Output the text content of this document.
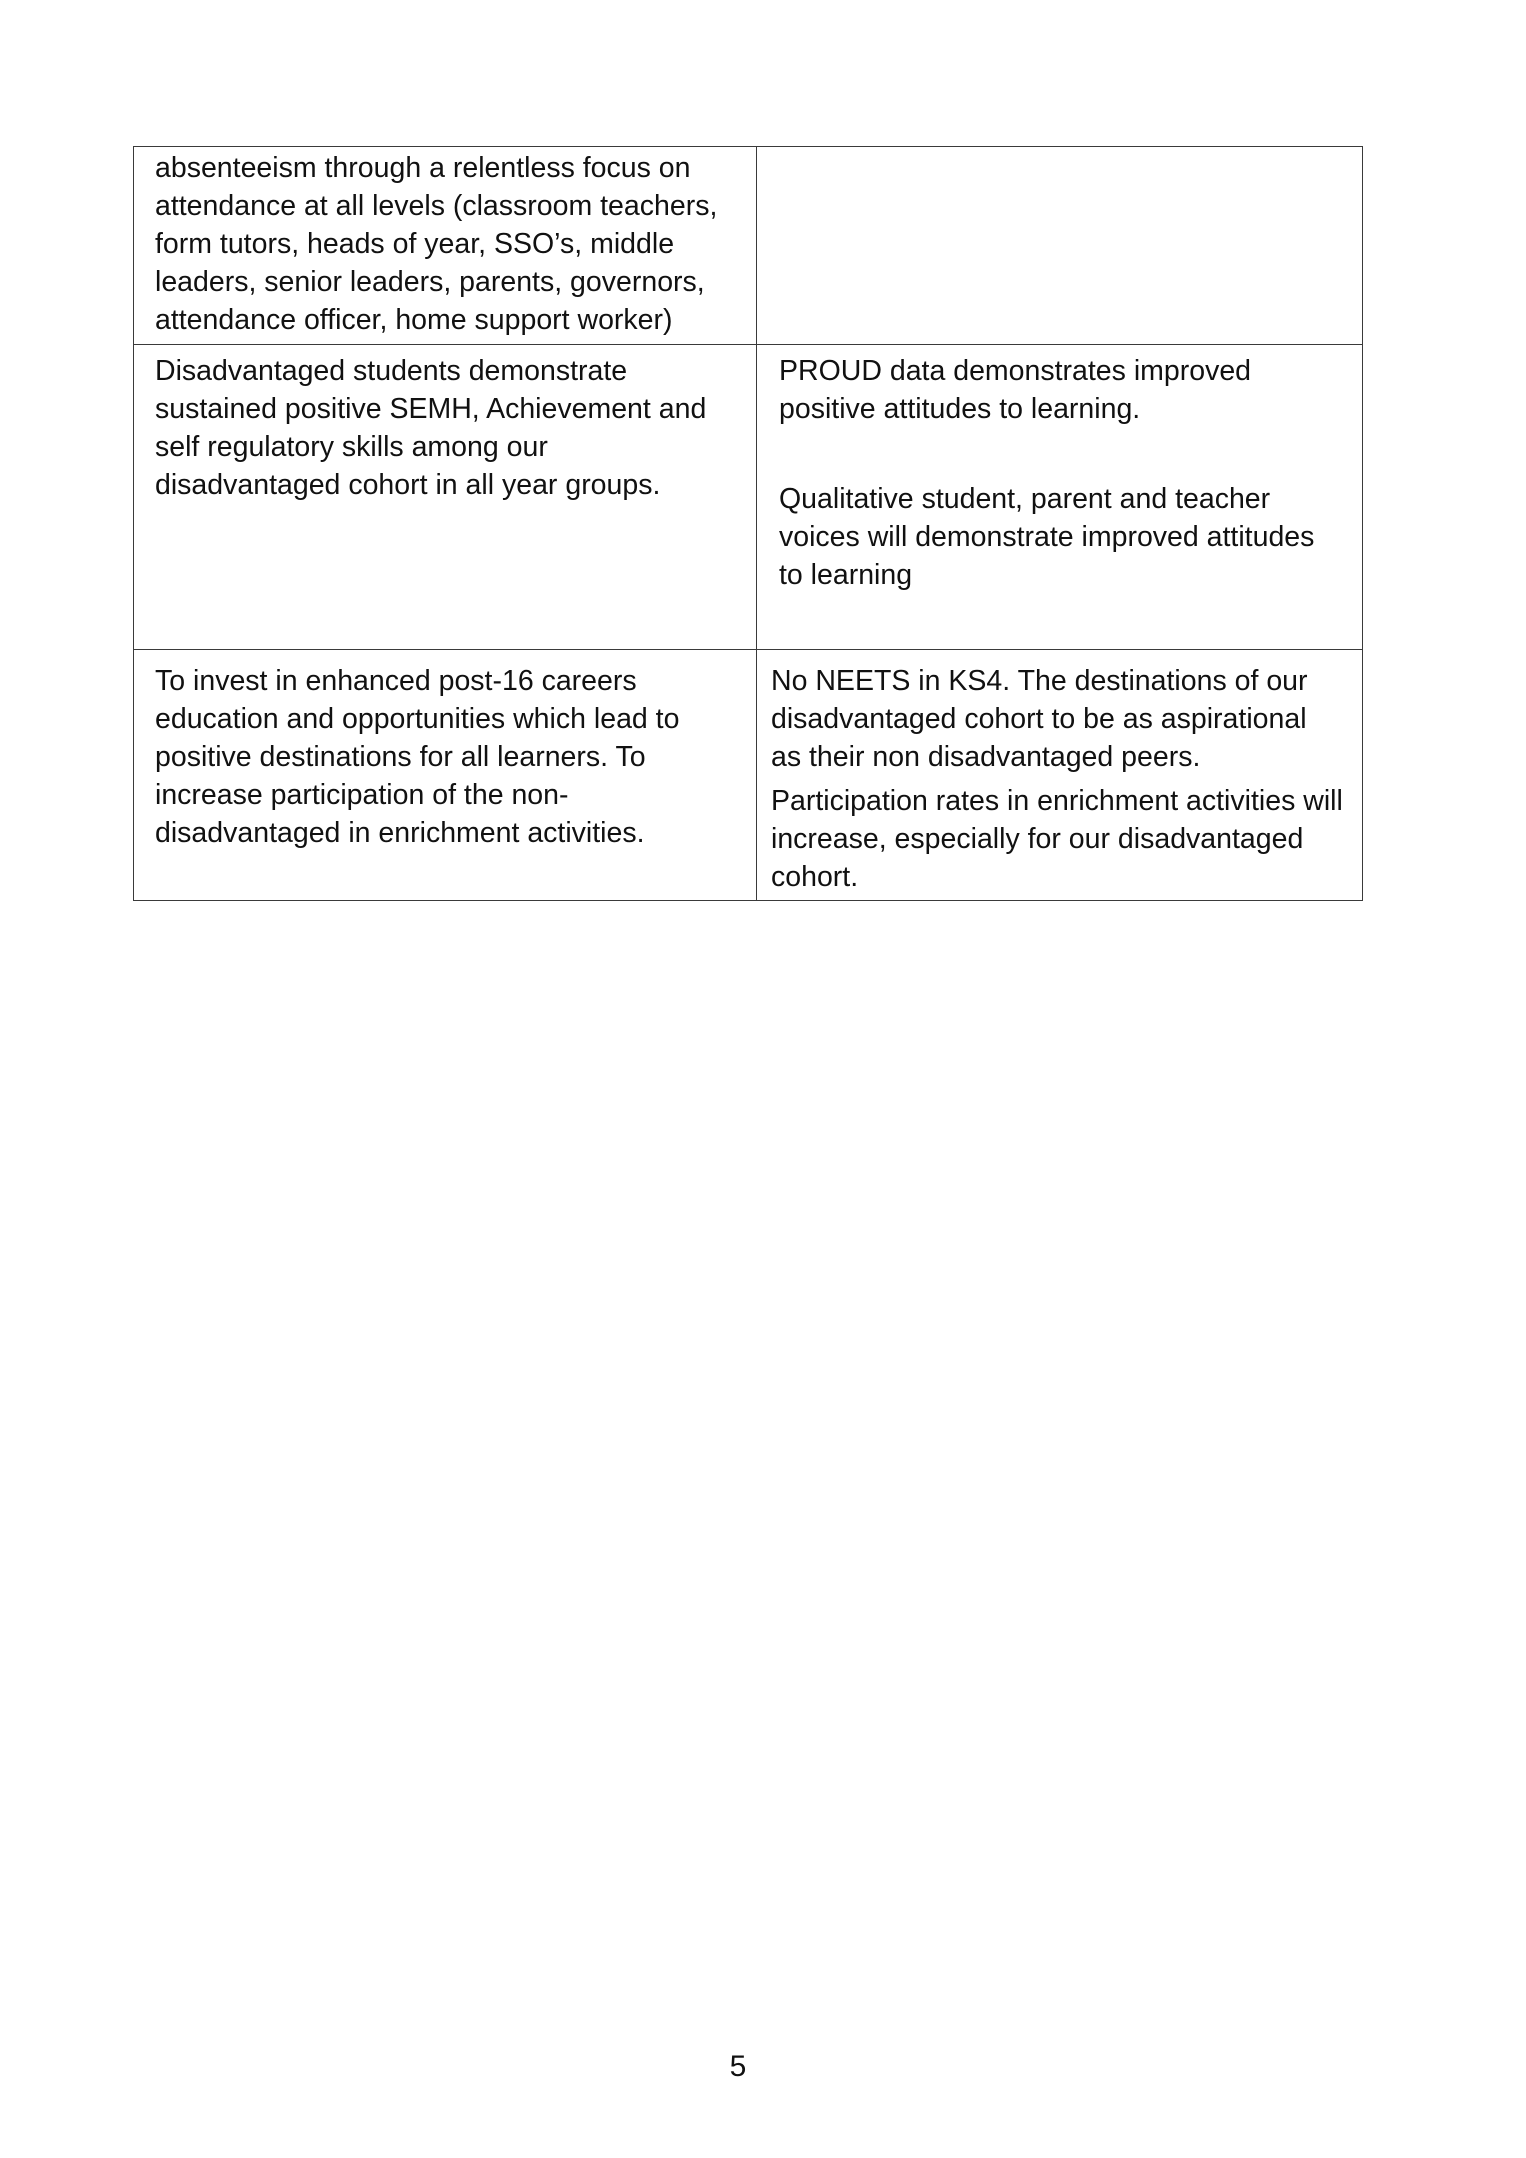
absenteeism through a relentless focus on attendance at all levels (classroom teachers, form tutors, heads of year, SSO’s, middle leaders, senior leaders, parents, governors, attendance officer, home support worker)	

Disadvantaged students demonstrate sustained positive SEMH, Achievement and self regulatory skills among our disadvantaged cohort in all year groups.	PROUD data demonstrates improved positive attitudes to learning.

Qualitative student, parent and teacher voices will demonstrate improved attitudes to learning

To invest in enhanced post-16 careers education and opportunities which lead to positive destinations for all learners. To increase participation of the non-disadvantaged in enrichment activities.	No NEETS in KS4. The destinations of our disadvantaged cohort to be as aspirational as their non disadvantaged peers.

Participation rates in enrichment activities will increase, especially for our disadvantaged cohort.

5
